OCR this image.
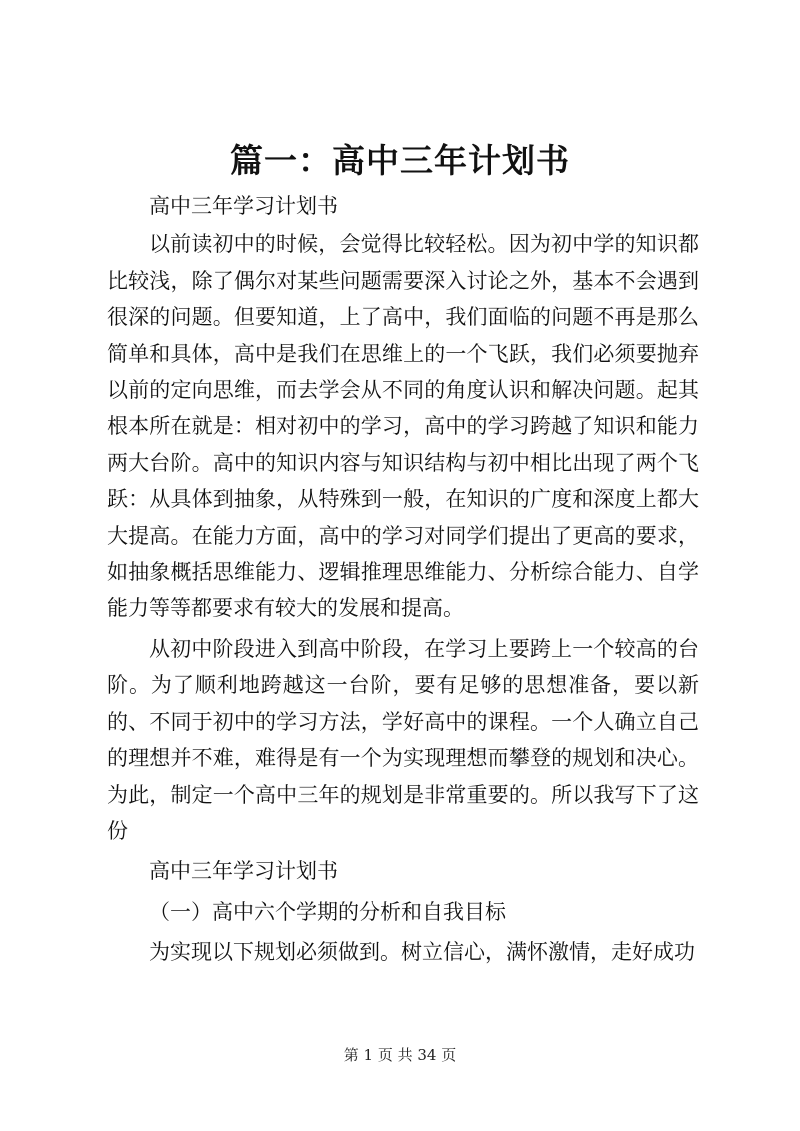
篇一：高中三年计划书

高中三年学习计划书

以前读初中的时候，会觉得比较轻松。因为初中学的知识都比较浅，除了偶尔对某些问题需要深入讨论之外，基本不会遇到很深的问题。但要知道，上了高中，我们面临的问题不再是那么简单和具体，高中是我们在思维上的一个飞跃，我们必须要抛弃以前的定向思维，而去学会从不同的角度认识和解决问题。起其根本所在就是：相对初中的学习，高中的学习跨越了知识和能力两大台阶。高中的知识内容与知识结构与初中相比出现了两个飞跃：从具体到抽象，从特殊到一般，在知识的广度和深度上都大大提高。在能力方面，高中的学习对同学们提出了更高的要求，如抽象概括思维能力、逻辑推理思维能力、分析综合能力、自学能力等等都要求有较大的发展和提高。

从初中阶段进入到高中阶段，在学习上要跨上一个较高的台阶。为了顺利地跨越这一台阶，要有足够的思想准备，要以新的、不同于初中的学习方法，学好高中的课程。一个人确立自己的理想并不难，难得是有一个为实现理想而攀登的规划和决心。为此，制定一个高中三年的规划是非常重要的。所以我写下了这份

高中三年学习计划书

（一）高中六个学期的分析和自我目标

为实现以下规划必须做到。树立信心，满怀激情，走好成功

第 1 页 共 34 页
